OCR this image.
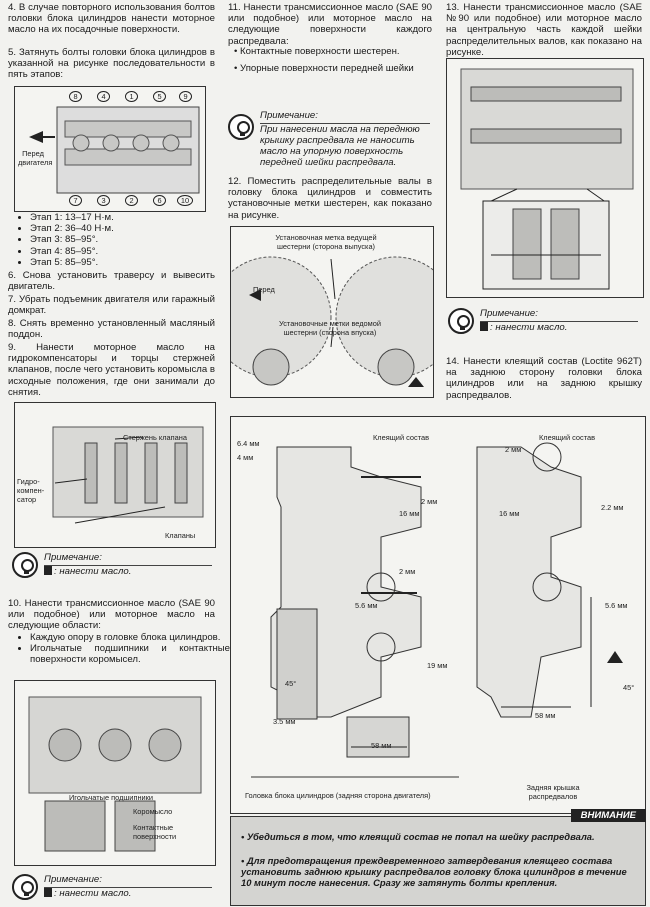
4. В случае повторного использования болтов головки блока цилиндров нанести моторное масло на их посадочные поверхности.
5. Затянуть болты головки блока цилиндров в указанной на рисунке последовательности в пять этапов:
Перед двигателя
8	4	1	5	9
7	3	2	6	10
• Этап 1: 13–17 Н·м.
• Этап 2: 36–40 Н·м.
• Этап 3: 85–95°.
• Этап 4: 85–95°.
• Этап 5: 85–95°.
6. Снова установить траверсу и вывесить двигатель.
7. Убрать подъемник двигателя или гаражный домкрат.
8. Снять временно установленный масляный поддон.
9. Нанести моторное масло на гидрокомпенсаторы и торцы стержней клапанов, после чего установить коромысла в исходные положения, где они занимали до снятия.
Стержень клапана
Гидро- компен- сатор
Клапаны
Примечание:
: нанести масло.
10. Нанести трансмиссионное масло (SAE 90 или подобное) или моторное масло на следующие области:
• Каждую опору в головке блока цилиндров.
• Игольчатые подшипники и контактные поверхности коромысел.
Игольчатые подшипники
Коромысло
Контактные поверхности
Примечание:
: нанести масло.
11. Нанести трансмиссионное масло (SAE 90 или подобное) или моторное масло на следующие поверхности каждого распредвала:
• Контактные поверхности шестерен.
• Упорные поверхности передней шейки
Примечание:
При нанесении масла на переднюю крышку распредвала не наносить масло на упорную поверхность передней шейки распредвала.
12. Поместить распределительные валы в головку блока цилиндров и совместить установочные метки шестерен, как показано на рисунке.
Установочная метка ведущей шестерни (сторона выпуска)
Перед
Установочные метки ведомой шестерни (сторона впуска)
13. Нанести трансмиссионное масло (SAE №90 или подобное) или моторное масло на центральную часть каждой шейки распределительных валов, как показано на рисунке.
Примечание:
: нанести масло.
14. Нанести клеящий состав (Loctite 962T) на заднюю сторону головки блока цилиндров или на заднюю крышку распредвалов.
Клеящий состав	Клеящий состав
6.4 мм
4 мм
16 мм
2 мм
5.6 мм
2 мм
19 мм
45°
3.5 мм
58 мм
2 мм
16 мм
2.2 мм
5.6 мм
45°
58 мм
Головка блока цилиндров (задняя сторона двигателя)
Задняя крышка распредвалов
ВНИМАНИЕ
• Убедиться в том, что клеящий состав не попал на шейку распредвала.
• Для предотвращения преждевременного затвердевания клеящего состава установить заднюю крышку распредвалов головку блока цилиндров в течение 10 минут после нанесения. Сразу же затянуть болты крепления.
